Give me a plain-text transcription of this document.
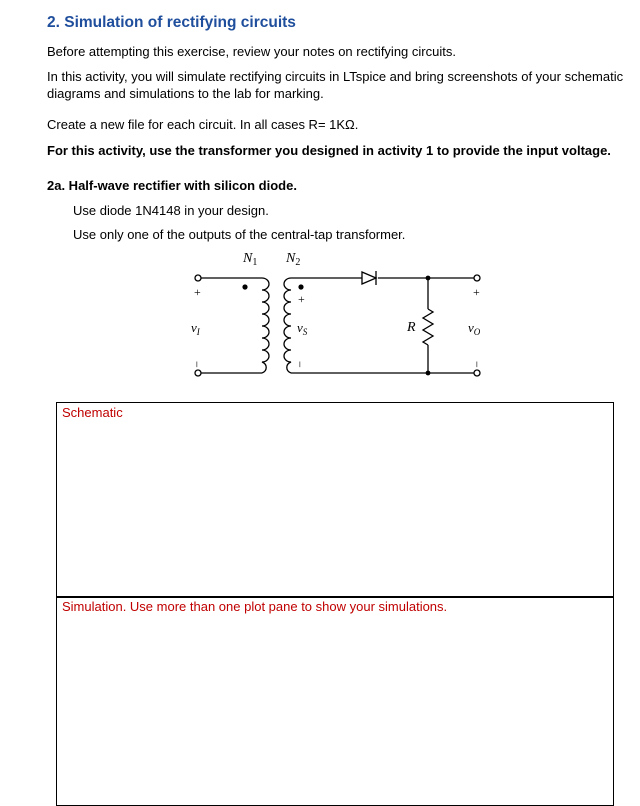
2. Simulation of rectifying circuits
Before attempting this exercise, review your notes on rectifying circuits.
In this activity, you will simulate rectifying circuits in LTspice and bring screenshots of your schematic
diagrams and simulations to the lab for marking.
Create a new file for each circuit. In all cases R= 1KΩ.
For this activity, use the transformer you designed in activity 1 to provide the input voltage.
2a. Half-wave rectifier with silicon diode.
Use diode 1N4148 in your design.
Use only one of the outputs of the central-tap transformer.
$N_1$ $N_2$
+
−
$v_I$
+
−
$v_S$	R
+
−
$v_O$
Schematic
Simulation. Use more than one plot pane to show your simulations.
